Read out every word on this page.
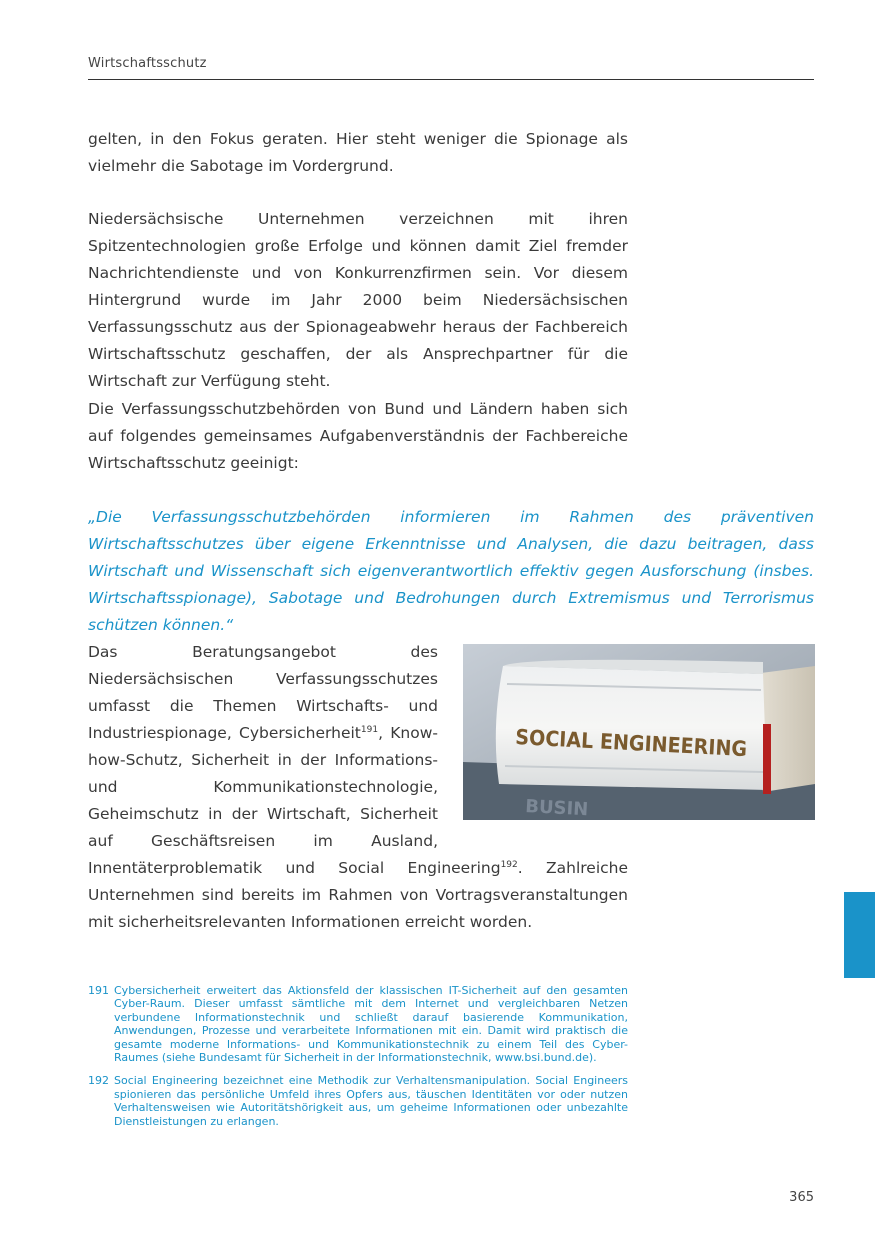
Wirtschaftsschutz

gelten, in den Fokus geraten. Hier steht weniger die Spionage als vielmehr die Sabotage im Vordergrund.

Niedersächsische Unternehmen verzeichnen mit ihren Spitzentechnologien große Erfolge und können damit Ziel fremder Nachrichtendienste und von Konkurrenzfirmen sein. Vor diesem Hintergrund wurde im Jahr 2000 beim Niedersächsischen Verfassungsschutz aus der Spionageabwehr heraus der Fachbereich Wirtschaftsschutz geschaffen, der als Ansprechpartner für die Wirtschaft zur Verfügung steht.

Die Verfassungsschutzbehörden von Bund und Ländern haben sich auf folgendes gemeinsames Aufgabenverständnis der Fachbereiche Wirtschaftsschutz geeinigt:

„Die Verfassungsschutzbehörden informieren im Rahmen des präventiven Wirtschaftsschutzes über eigene Erkenntnisse und Analysen, die dazu beitragen, dass Wirtschaft und Wissenschaft sich eigenverantwortlich effektiv gegen Ausforschung (insbes. Wirtschaftsspionage), Sabotage und Bedrohungen durch Extremismus und Terrorismus schützen können.“

SOCIAL ENGINEERING
BUSIN

Das Beratungsangebot des Niedersächsischen Verfassungsschutzes umfasst die Themen Wirtschafts- und Industriespionage, Cybersicherheit$^{191}$, Know-how-Schutz, Sicherheit in der Informations- und Kommunikationstechnologie, Geheimschutz in der Wirtschaft, Sicherheit auf Geschäftsreisen im Ausland, Innentäterproblematik und Social Engineering$^{192}$. Zahlreiche Unternehmen sind bereits im Rahmen von Vortragsveranstaltungen mit sicherheitsrelevanten Informationen erreicht worden.

191 Cybersicherheit erweitert das Aktionsfeld der klassischen IT-Sicherheit auf den gesamten Cyber-Raum. Dieser umfasst sämtliche mit dem Internet und vergleichbaren Netzen verbundene Informationstechnik und schließt darauf basierende Kommunikation, Anwendungen, Prozesse und verarbeitete Informationen mit ein. Damit wird praktisch die gesamte moderne Informations- und Kommunikationstechnik zu einem Teil des Cyber-Raumes (siehe Bundesamt für Sicherheit in der Informationstechnik, www.bsi.bund.de).
192 Social Engineering bezeichnet eine Methodik zur Verhaltensmanipulation. Social Engineers spionieren das persönliche Umfeld ihres Opfers aus, täuschen Identitäten vor oder nutzen Verhaltensweisen wie Autoritätshörigkeit aus, um geheime Informationen oder unbezahlte Dienstleistungen zu erlangen.
365
